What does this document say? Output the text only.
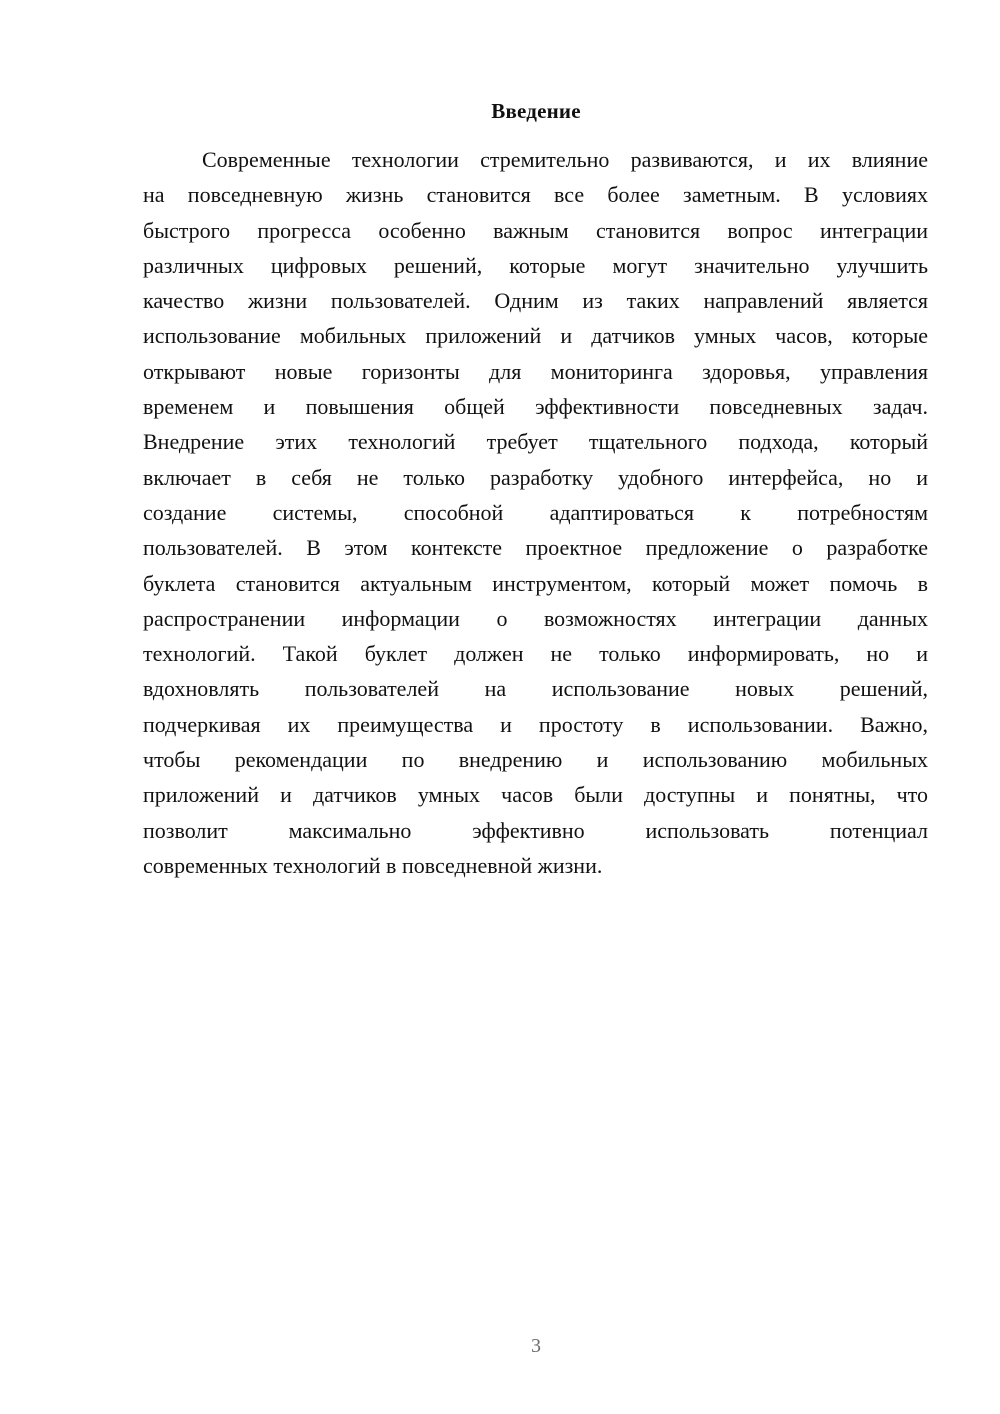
Введение
Современные технологии стремительно развиваются, и их влияние
на повседневную жизнь становится все более заметным. В условиях
быстрого прогресса особенно важным становится вопрос интеграции
различных цифровых решений, которые могут значительно улучшить
качество жизни пользователей. Одним из таких направлений является
использование мобильных приложений и датчиков умных часов, которые
открывают новые горизонты для мониторинга здоровья, управления
временем и повышения общей эффективности повседневных задач.
Внедрение этих технологий требует тщательного подхода, который
включает в себя не только разработку удобного интерфейса, но и
создание системы, способной адаптироваться к потребностям
пользователей. В этом контексте проектное предложение о разработке
буклета становится актуальным инструментом, который может помочь в
распространении информации о возможностях интеграции данных
технологий. Такой буклет должен не только информировать, но и
вдохновлять пользователей на использование новых решений,
подчеркивая их преимущества и простоту в использовании. Важно,
чтобы рекомендации по внедрению и использованию мобильных
приложений и датчиков умных часов были доступны и понятны, что
позволит максимально эффективно использовать потенциал
современных технологий в повседневной жизни.
3
